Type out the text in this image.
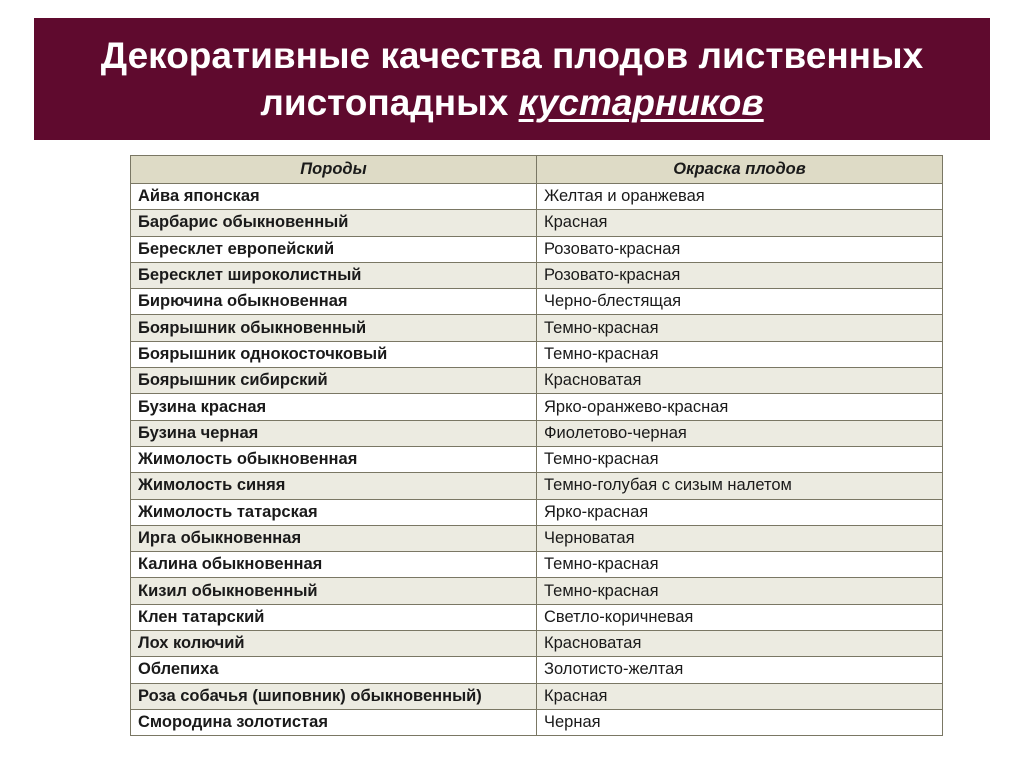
Декоративные качества плодов лиственных
листопадных кустарников
Породы	Окраска плодов
Айва японская	Желтая и оранжевая
Барбарис обыкновенный	Красная
Бересклет европейский	Розовато-красная
Бересклет широколистный	Розовато-красная
Бирючина обыкновенная	Черно-блестящая
Боярышник обыкновенный	Темно-красная
Боярышник однокосточковый	Темно-красная
Боярышник сибирский	Красноватая
Бузина красная	Ярко-оранжево-красная
Бузина черная	Фиолетово-черная
Жимолость обыкновенная	Темно-красная
Жимолость синяя	Темно-голубая с сизым налетом
Жимолость татарская	Ярко-красная
Ирга обыкновенная	Черноватая
Калина обыкновенная	Темно-красная
Кизил обыкновенный	Темно-красная
Клен татарский	Светло-коричневая
Лох колючий	Красноватая
Облепиха	Золотисто-желтая
Роза собачья (шиповник) обыкновенный)	Красная
Смородина золотистая	Черная
